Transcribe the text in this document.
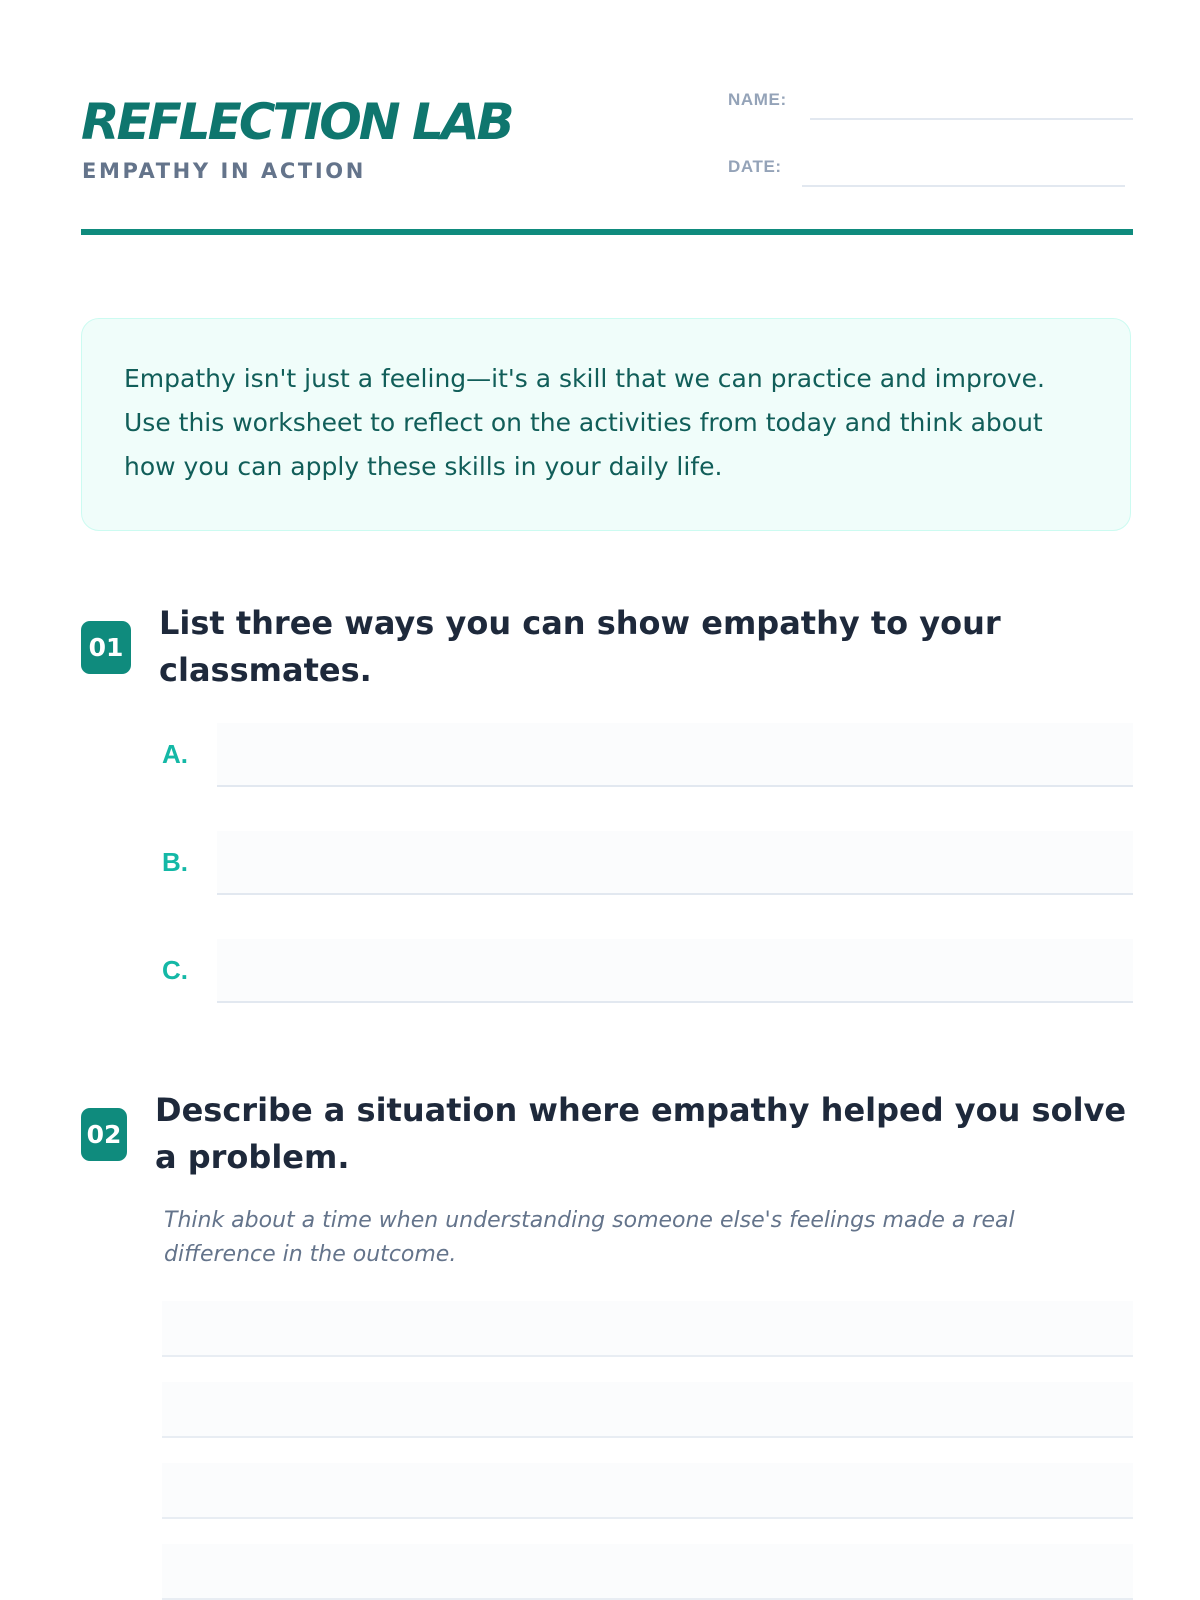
REFLECTION LAB
EMPATHY IN ACTION
NAME:
DATE:

Empathy isn't just a feeling—it's a skill that we can practice and improve. Use this worksheet to reflect on the activities from today and think about how you can apply these skills in your daily life.

01

List three ways you can show empathy to your classmates.

A.
B.
C.
02

Describe a situation where empathy helped you solve a problem.

Think about a time when understanding someone else's feelings made a real difference in the outcome.
